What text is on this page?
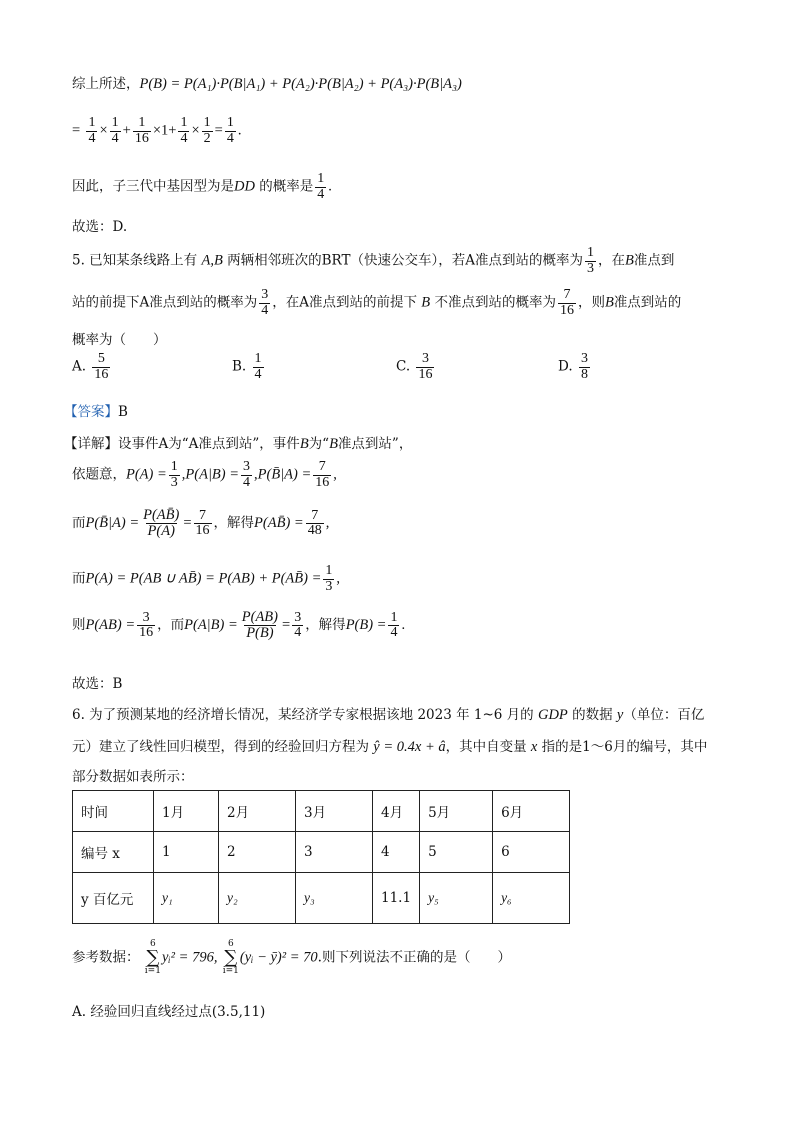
综上所述，P(B) = P(A₁)·P(B|A₁) + P(A₂)·P(B|A₂) + P(A₃)·P(B|A₃)
= $\frac{1}{4} \times \frac{1}{4} + \frac{1}{16} \times 1+ \frac{1}{4} \times \frac{1}{2} = \frac{1}{4}$ .
因此，子三代中基因型为是DD 的概率是 $\frac{1}{4}$ .
故选：D.
5. 已知某条线路上有 A,B 两辆相邻班次的BRT（快速公交车），若A准点到站的概率为 $\frac{1}{3}$ ，在B准点到
站的前提下A准点到站的概率为 $\frac{3}{4}$ ，在A准点到站的前提下 B 不准点到站的概率为 $\frac{7}{16}$ ，则B准点到站的
概率为（　　）
A. $\frac{5}{16}$	B. $\frac{1}{4}$	C. $\frac{3}{16}$	D. $\frac{3}{8}$
【答案】B
【详解】设事件A为“A准点到站”，事件B为“B准点到站”，
依题意，$P(A) = \frac{1}{3} ,P(A|B) = \frac{3}{4}$ ,P(B̄|A) = $\frac{7}{16}$ ,
而P(B̄|A) = $\frac{P(AB̄)}{P(A)} = \frac{7}{16}$ ，解得P(AB̄) = $\frac{7}{48}$ ,
而P(A) = P(AB ∪ AB̄) = P(AB) + P(AB̄) = $\frac{1}{3}$ ,
则$P(AB) = \frac{3}{16}$ ，而$P(A|B) = \frac{P(AB)}{P(B)} = \frac{3}{4}$ ，解得$P(B) = \frac{1}{4}$ .
故选：B
6. 为了预测某地的经济增长情况，某经济学专家根据该地 2023 年 1~6 月的 GDP 的数据 y（单位：百亿
元）建立了线性回归模型，得到的经验回归方程为 ŷ = 0.4x + â，其中自变量 x 指的是1～6月的编号，其中
部分数据如表所示：
时间	1月	2月	3月	4月	5月	6月
编号 x	1	2	3	4	5	6
y 百亿元	y₁	y₂	y₃	11.1	y₅	y₆
参考数据：
6
∑
i=1
yᵢ² = 796,
6
∑
i=1
(yᵢ − ȳ)² = 70.则下列说法不正确的是（　　）
A. 经验回归直线经过点(3.5,11)
